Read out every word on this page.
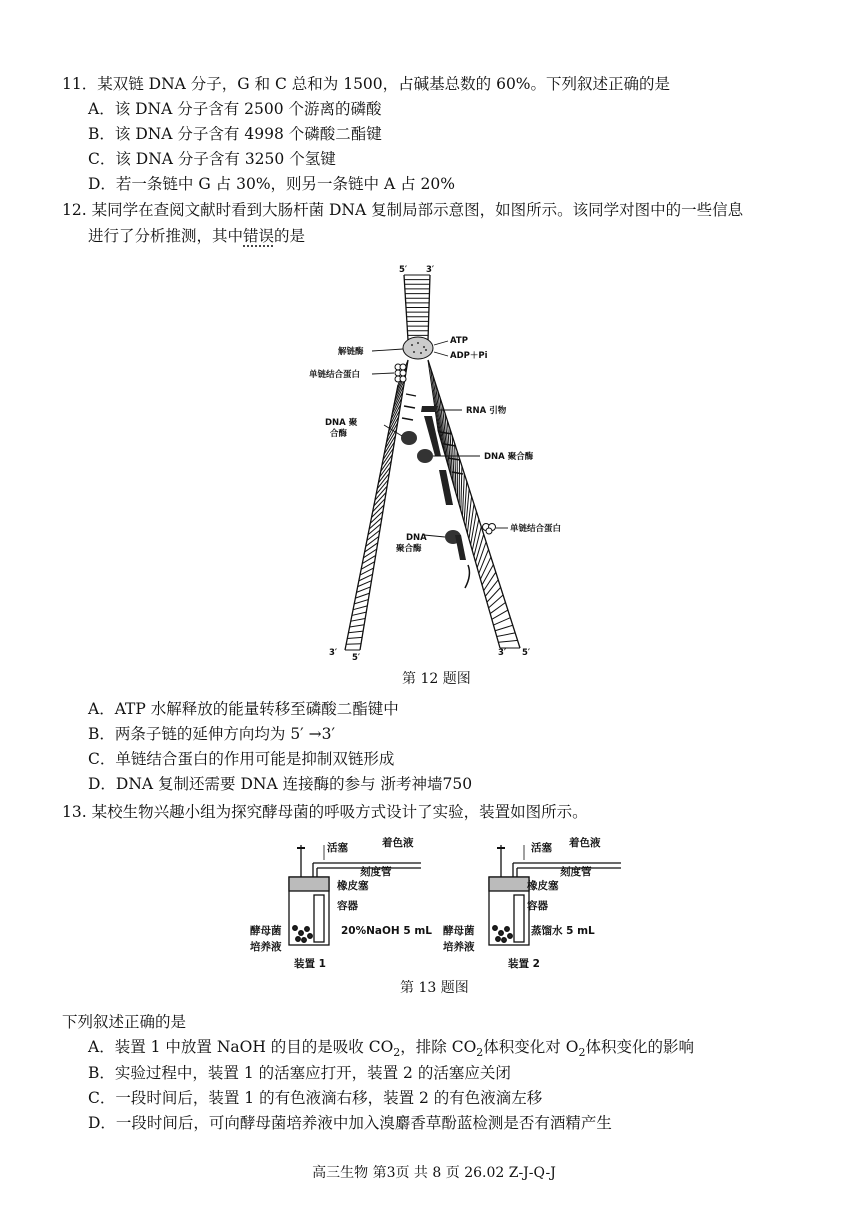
11．某双链 DNA 分子，G 和 C 总和为 1500，占碱基总数的 60%。下列叙述正确的是
A．该 DNA 分子含有 2500 个游离的磷酸
B．该 DNA 分子含有 4998 个磷酸二酯键
C．该 DNA 分子含有 3250 个氢键
D．若一条链中 G 占 30%，则另一条链中 A 占 20%
12. 某同学在查阅文献时看到大肠杆菌 DNA 复制局部示意图，如图所示。该同学对图中的一些信息
进行了分析推测，其中错误的是
5′ 3′
解链酶
ATP
ADP＋Pi
单链结合蛋白
DNA 聚
合酶
RNA 引物
DNA 聚合酶
单链结合蛋白
DNA
聚合酶
3′ 5′	3′ 5′
活塞	着色液
刻度管
橡皮塞
容器
酵母菌
培养液
20%NaOH 5 mL
装置 1
活塞 着色液
刻度管
橡皮塞
容器
酵母菌
培养液
蒸馏水 5 mL
装置 2
第 12 题图
A．ATP 水解释放的能量转移至磷酸二酯键中
B．两条子链的延伸方向均为 5′ →3′
C．单链结合蛋白的作用可能是抑制双链形成
D．DNA 复制还需要 DNA 连接酶的参与 浙考神墙750
13. 某校生物兴趣小组为探究酵母菌的呼吸方式设计了实验，装置如图所示。
第 13 题图
下列叙述正确的是
A．装置 1 中放置 NaOH 的目的是吸收 $CO_2$，排除 $CO_2$体积变化对 $O_2$体积变化的影响
B．实验过程中，装置 1 的活塞应打开，装置 2 的活塞应关闭
C．一段时间后，装置 1 的有色液滴右移，装置 2 的有色液滴左移
D．一段时间后，可向酵母菌培养液中加入溴麝香草酚蓝检测是否有酒精产生
高三生物 第3页 共 8 页 26.02 Z-J-Q-J
